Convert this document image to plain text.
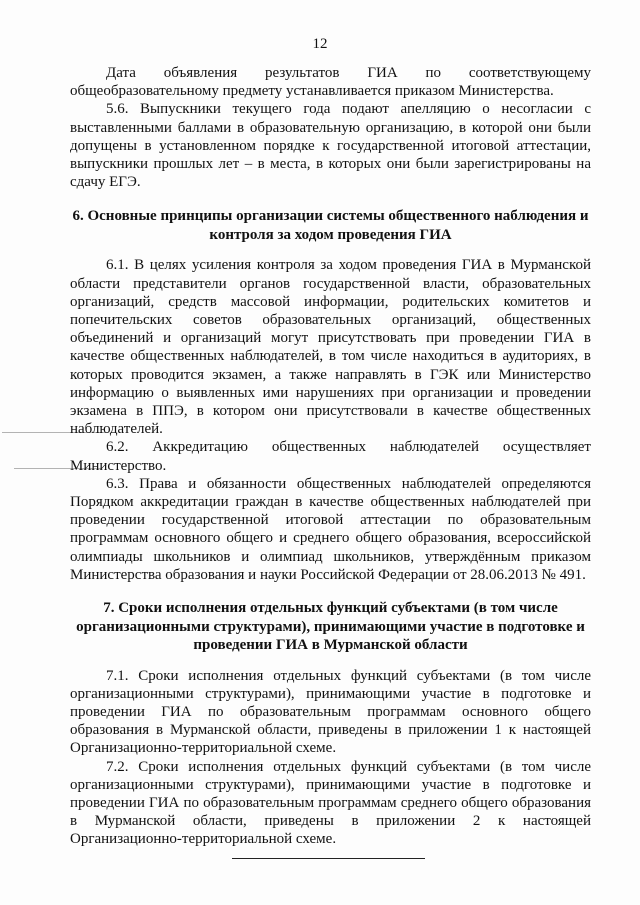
12

Дата объявления результатов ГИА по соответствующему общеобразовательному предмету устанавливается приказом Министерства.

5.6. Выпускники текущего года подают апелляцию о несогласии с выставленными баллами в образовательную организацию, в которой они были допущены в установленном порядке к государственной итоговой аттестации, выпускники прошлых лет – в места, в которых они были зарегистрированы на сдачу ЕГЭ.

6. Основные принципы организации системы общественного наблюдения и контроля за ходом проведения ГИА

6.1. В целях усиления контроля за ходом проведения ГИА в Мурманской области представители органов государственной власти, образовательных организаций, средств массовой информации, родительских комитетов и попечительских советов образовательных организаций, общественных объединений и организаций могут присутствовать при проведении ГИА в качестве общественных наблюдателей, в том числе находиться в аудиториях, в которых проводится экзамен, а также направлять в ГЭК или Министерство информацию о выявленных ими нарушениях при организации и проведении экзамена в ППЭ, в котором они присутствовали в качестве общественных наблюдателей.

6.2. Аккредитацию общественных наблюдателей осуществляет Министерство.

6.3. Права и обязанности общественных наблюдателей определяются Порядком аккредитации граждан в качестве общественных наблюдателей при проведении государственной итоговой аттестации по образовательным программам основного общего и среднего общего образования, всероссийской олимпиады школьников и олимпиад школьников, утверждённым приказом Министерства образования и науки Российской Федерации от 28.06.2013 № 491.

7. Сроки исполнения отдельных функций субъектами (в том числе организационными структурами), принимающими участие в подготовке и проведении ГИА в Мурманской области

7.1. Сроки исполнения отдельных функций субъектами (в том числе организационными структурами), принимающими участие в подготовке и проведении ГИА по образовательным программам основного общего образования в Мурманской области, приведены в приложении 1 к настоящей Организационно-территориальной схеме.

7.2. Сроки исполнения отдельных функций субъектами (в том числе организационными структурами), принимающими участие в подготовке и проведении ГИА по образовательным программам среднего общего образования в Мурманской области, приведены в приложении 2 к настоящей Организационно-территориальной схеме.
